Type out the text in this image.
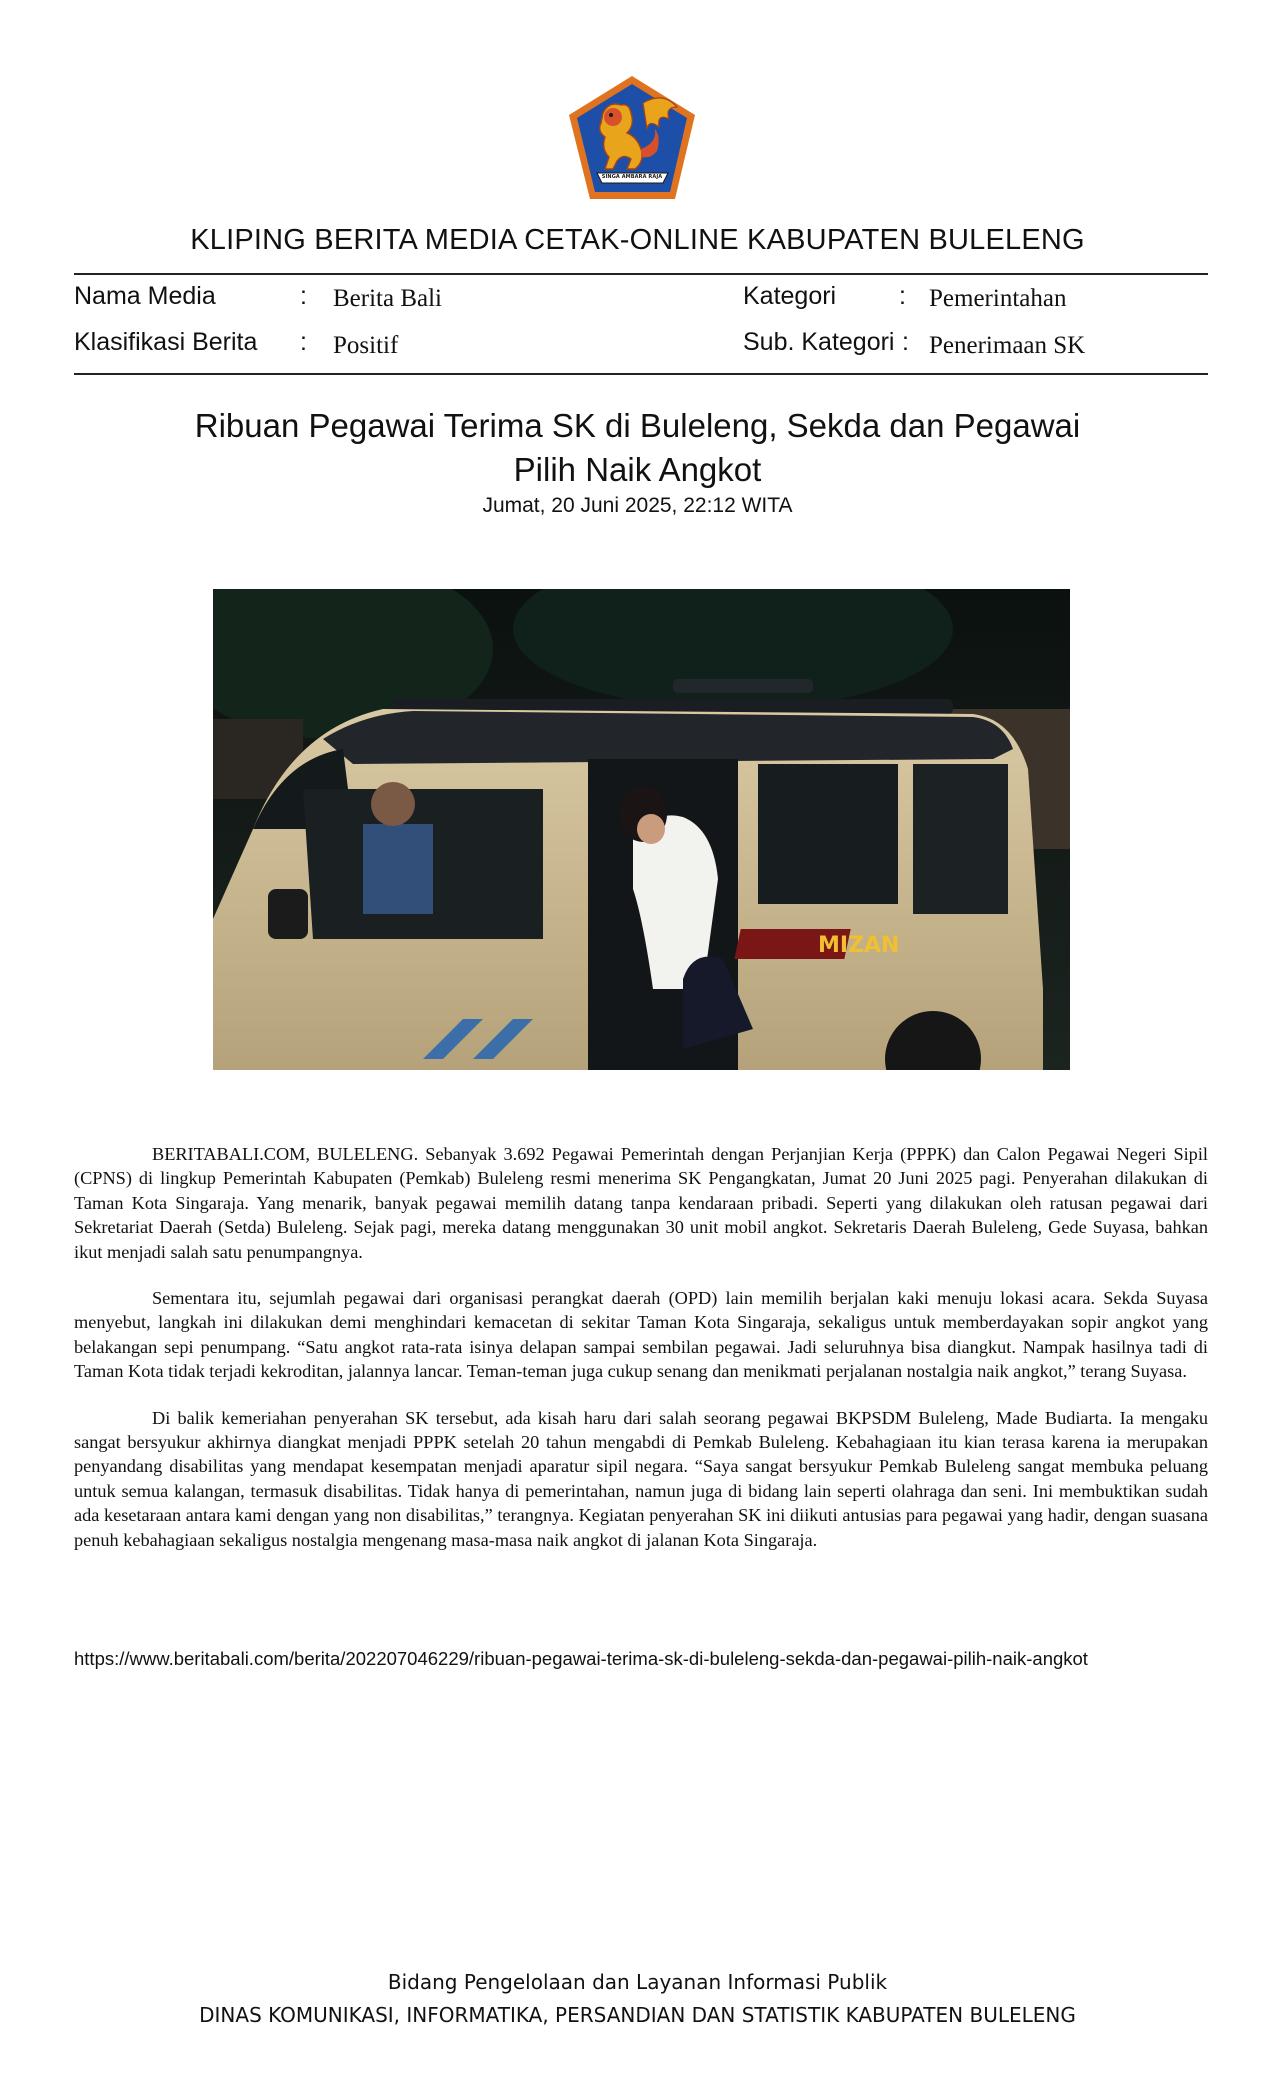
SINGA AMBARA RAJA
KLIPING BERITA MEDIA CETAK-ONLINE KABUPATEN BULELENG
Nama Media	: Berita Bali	Kategori	: Pemerintahan
Klasifikasi Berita : Positif	Sub. Kategori : Penerimaan SK
Ribuan Pegawai Terima SK di Buleleng, Sekda dan Pegawai
Pilih Naik Angkot
Jumat, 20 Juni 2025, 22:12 WITA
MIZAN

BERITABALI.COM, BULELENG. Sebanyak 3.692 Pegawai Pemerintah dengan Perjanjian Kerja (PPPK) dan Calon Pegawai Negeri Sipil (CPNS) di lingkup Pemerintah Kabupaten (Pemkab) Buleleng resmi menerima SK Pengangkatan, Jumat 20 Juni 2025 pagi. Penyerahan dilakukan di Taman Kota Singaraja. Yang menarik, banyak pegawai memilih datang tanpa kendaraan pribadi. Seperti yang dilakukan oleh ratusan pegawai dari Sekretariat Daerah (Setda) Buleleng. Sejak pagi, mereka datang menggunakan 30 unit mobil angkot. Sekretaris Daerah Buleleng, Gede Suyasa, bahkan ikut menjadi salah satu penumpangnya.

Sementara itu, sejumlah pegawai dari organisasi perangkat daerah (OPD) lain memilih berjalan kaki menuju lokasi acara. Sekda Suyasa menyebut, langkah ini dilakukan demi menghindari kemacetan di sekitar Taman Kota Singaraja, sekaligus untuk memberdayakan sopir angkot yang belakangan sepi penumpang. “Satu angkot rata-rata isinya delapan sampai sembilan pegawai. Jadi seluruhnya bisa diangkut. Nampak hasilnya tadi di Taman Kota tidak terjadi kekroditan, jalannya lancar. Teman-teman juga cukup senang dan menikmati perjalanan nostalgia naik angkot,” terang Suyasa.

Di balik kemeriahan penyerahan SK tersebut, ada kisah haru dari salah seorang pegawai BKPSDM Buleleng, Made Budiarta. Ia mengaku sangat bersyukur akhirnya diangkat menjadi PPPK setelah 20 tahun mengabdi di Pemkab Buleleng. Kebahagiaan itu kian terasa karena ia merupakan penyandang disabilitas yang mendapat kesempatan menjadi aparatur sipil negara. “Saya sangat bersyukur Pemkab Buleleng sangat membuka peluang untuk semua kalangan, termasuk disabilitas. Tidak hanya di pemerintahan, namun juga di bidang lain seperti olahraga dan seni. Ini membuktikan sudah ada kesetaraan antara kami dengan yang non disabilitas,” terangnya. Kegiatan penyerahan SK ini diikuti antusias para pegawai yang hadir, dengan suasana penuh kebahagiaan sekaligus nostalgia mengenang masa-masa naik angkot di jalanan Kota Singaraja.

https://www.beritabali.com/berita/202207046229/ribuan-pegawai-terima-sk-di-buleleng-sekda-dan-pegawai-pilih-naik-angkot
Bidang Pengelolaan dan Layanan Informasi Publik
DINAS KOMUNIKASI, INFORMATIKA, PERSANDIAN DAN STATISTIK KABUPATEN BULELENG
